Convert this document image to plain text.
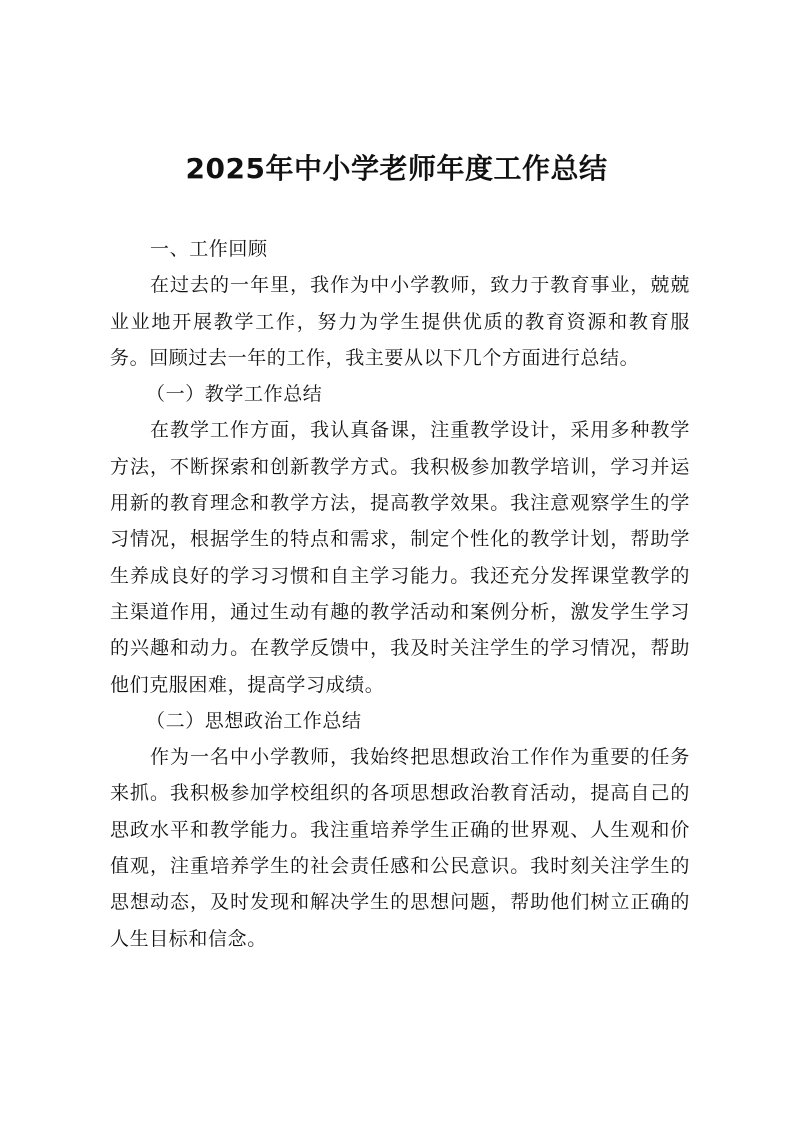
2025年中小学老师年度工作总结

一、工作回顾

在过去的一年里，我作为中小学教师，致力于教育事业，兢兢业业地开展教学工作，努力为学生提供优质的教育资源和教育服务。回顾过去一年的工作，我主要从以下几个方面进行总结。

（一）教学工作总结

在教学工作方面，我认真备课，注重教学设计，采用多种教学方法，不断探索和创新教学方式。我积极参加教学培训，学习并运用新的教育理念和教学方法，提高教学效果。我注意观察学生的学习情况，根据学生的特点和需求，制定个性化的教学计划，帮助学生养成良好的学习习惯和自主学习能力。我还充分发挥课堂教学的主渠道作用，通过生动有趣的教学活动和案例分析，激发学生学习的兴趣和动力。在教学反馈中，我及时关注学生的学习情况，帮助他们克服困难，提高学习成绩。

（二）思想政治工作总结

作为一名中小学教师，我始终把思想政治工作作为重要的任务来抓。我积极参加学校组织的各项思想政治教育活动，提高自己的思政水平和教学能力。我注重培养学生正确的世界观、人生观和价值观，注重培养学生的社会责任感和公民意识。我时刻关注学生的思想动态，及时发现和解决学生的思想问题，帮助他们树立正确的人生目标和信念。
